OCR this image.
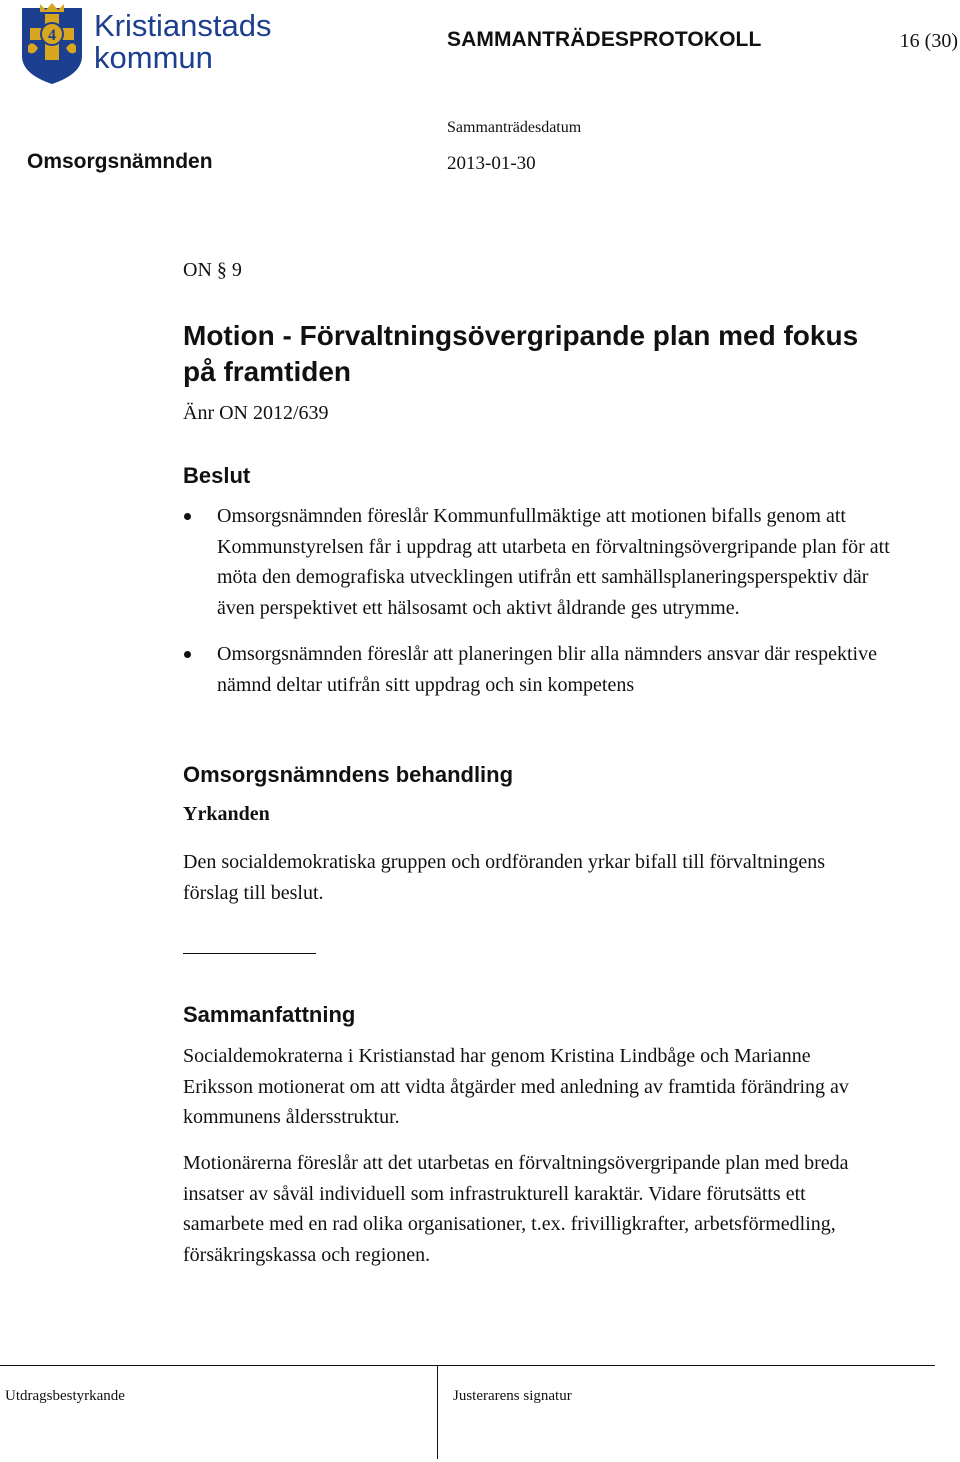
4 Kristianstads
kommun
SAMMANTRÄDESPROTOKOLL	16 (30)
Sammanträdesdatum
Omsorgsnämnden	2013-01-30
ON § 9
Motion - Förvaltningsövergripande plan med fokus på framtiden
Änr ON 2012/639
Beslut
Omsorgsnämnden föreslår Kommunfullmäktige att motionen bifalls genom att Kommunstyrelsen får i uppdrag att utarbeta en förvaltningsövergripande plan för att möta den demografiska utvecklingen utifrån ett samhällsplaneringsperspektiv där även perspektivet ett hälsosamt och aktivt åldrande ges utrymme.
Omsorgsnämnden föreslår att planeringen blir alla nämnders ansvar där respektive nämnd deltar utifrån sitt uppdrag och sin kompetens
Omsorgsnämndens behandling
Yrkanden

Den socialdemokratiska gruppen och ordföranden yrkar bifall till förvaltningens förslag till beslut.

Sammanfattning

Socialdemokraterna i Kristianstad har genom Kristina Lindbåge och Marianne Eriksson motionerat om att vidta åtgärder med anledning av framtida förändring av kommunens åldersstruktur.

Motionärerna föreslår att det utarbetas en förvaltningsövergripande plan med breda insatser av såväl individuell som infrastrukturell karaktär. Vidare förutsätts ett samarbete med en rad olika organisationer, t.ex. frivilligkrafter, arbetsförmedling, försäkringskassa och regionen.

Utdragsbestyrkande	Justerarens signatur
